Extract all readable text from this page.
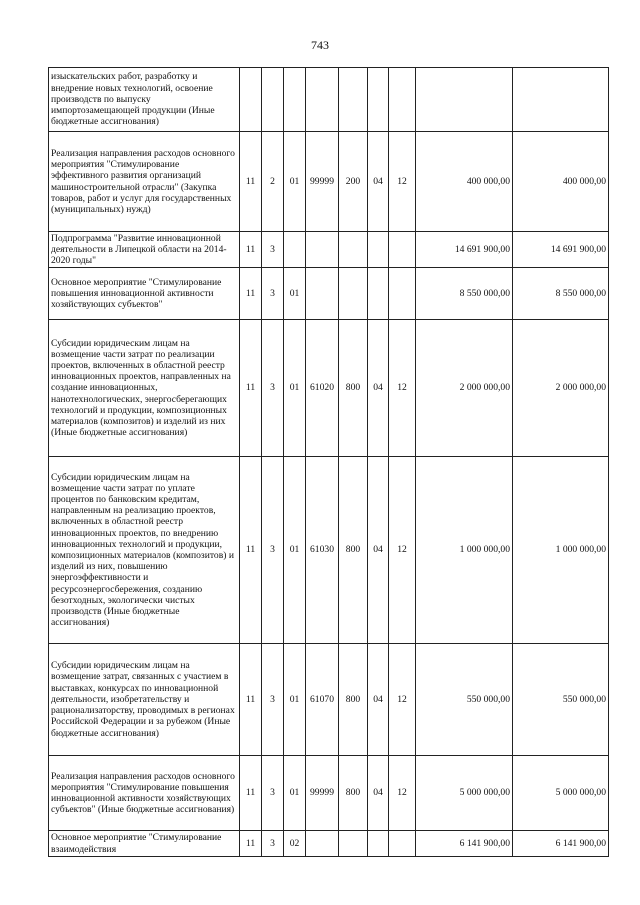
743
изыскательских работ, разработку и внедрение новых технологий, освоение производств по выпуску импортозамещающей продукции (Иные бюджетные ассигнования)									
Реализация направления расходов основного мероприятия "Стимулирование эффективного развития организаций машиностроительной отрасли" (Закупка товаров, работ и услуг для государственных (муниципальных) нужд)	11	2	01	99999	200	04	12	400 000,00	400 000,00
Подпрограмма "Развитие инновационной деятельности в Липецкой области на 2014-2020 годы"	11	3						14 691 900,00	14 691 900,00
Основное мероприятие "Стимулирование повышения инновационной активности хозяйствующих субъектов"	11	3	01					8 550 000,00	8 550 000,00
Субсидии юридическим лицам на возмещение части затрат по реализации проектов, включенных в областной реестр инновационных проектов, направленных на создание инновационных, нанотехнологических, энергосберегающих технологий и продукции, композиционных материалов (композитов) и изделий из них (Иные бюджетные ассигнования)	11	3	01	61020	800	04	12	2 000 000,00	2 000 000,00
Субсидии юридическим лицам на возмещение части затрат по уплате процентов по банковским кредитам, направленным на реализацию проектов, включенных в областной реестр инновационных проектов, по внедрению инновационных технологий и продукции, композиционных материалов (композитов) и изделий из них, повышению энергоэффективности и ресурсоэнергосбережения, созданию безотходных, экологически чистых производств (Иные бюджетные ассигнования)	11	3	01	61030	800	04	12	1 000 000,00	1 000 000,00
Субсидии юридическим лицам на возмещение затрат, связанных с участием в выставках, конкурсах по инновационной деятельности, изобретательству и рационализаторству, проводимых в регионах Российской Федерации и за рубежом (Иные бюджетные ассигнования)	11	3	01	61070	800	04	12	550 000,00	550 000,00
Реализация направления расходов основного мероприятия "Стимулирование повышения инновационной активности хозяйствующих субъектов" (Иные бюджетные ассигнования)	11	3	01	99999	800	04	12	5 000 000,00	5 000 000,00
Основное мероприятие "Стимулирование взаимодействия	11	3	02					6 141 900,00	6 141 900,00
